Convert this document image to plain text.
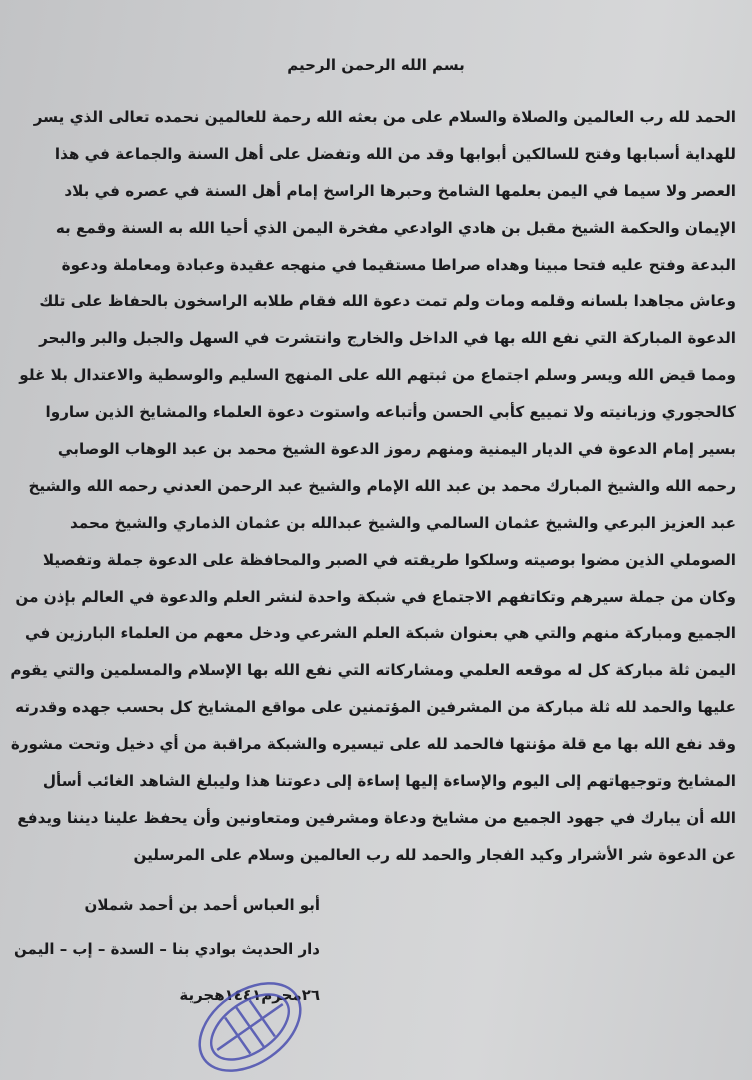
بسم الله الرحمن الرحيم
الحمد لله رب العالمين والصلاة والسلام على من بعثه الله رحمة للعالمين نحمده تعالى الذي يسر
للهداية أسبابها وفتح للسالكين أبوابها وقد من الله وتفضل على أهل السنة والجماعة في هذا
العصر ولا سيما في اليمن بعلمها الشامخ وحبرها الراسخ إمام أهل السنة في عصره في بلاد
الإيمان والحكمة الشيخ مقبل بن هادي الوادعي مفخرة اليمن الذي أحيا الله به السنة وقمع به
البدعة وفتح عليه فتحا مبينا وهداه صراطا مستقيما في منهجه عقيدة وعبادة ومعاملة ودعوة
وعاش مجاهدا بلسانه وقلمه ومات ولم تمت دعوة الله فقام طلابه الراسخون بالحفاظ على تلك
الدعوة المباركة التي نفع الله بها في الداخل والخارج وانتشرت في السهل والجبل والبر والبحر
ومما قيض الله ويسر وسلم اجتماع من ثبتهم الله على المنهج السليم والوسطية والاعتدال بلا غلو
كالحجوري وزبانيته ولا تمييع كأبي الحسن وأتباعه واستوت دعوة العلماء والمشايخ الذين ساروا
بسير إمام الدعوة في الديار اليمنية ومنهم رموز الدعوة الشيخ محمد بن عبد الوهاب الوصابي
رحمه الله والشيخ المبارك محمد بن عبد الله الإمام والشيخ عبد الرحمن العدني رحمه الله والشيخ
عبد العزيز البرعي والشيخ عثمان السالمي والشيخ عبدالله بن عثمان الذماري والشيخ محمد
الصوملي الذين مضوا بوصيته وسلكوا طريقته في الصبر والمحافظة على الدعوة جملة وتفصيلا
وكان من جملة سيرهم وتكاتفهم الاجتماع في شبكة واحدة لنشر العلم والدعوة في العالم بإذن من
الجميع ومباركة منهم والتي هي بعنوان شبكة العلم الشرعي ودخل معهم من العلماء البارزين في
اليمن ثلة مباركة كل له موقعه العلمي ومشاركاته التي نفع الله بها الإسلام والمسلمين والتي يقوم
عليها والحمد لله ثلة مباركة من المشرفين المؤتمنين على مواقع المشايخ كل بحسب جهده وقدرته
وقد نفع الله بها مع قلة مؤنتها فالحمد لله على تيسيره والشبكة مراقبة من أي دخيل وتحت مشورة
المشايخ وتوجيهاتهم إلى اليوم والإساءة إليها إساءة إلى دعوتنا هذا وليبلغ الشاهد الغائب أسأل
الله أن يبارك في جهود الجميع من مشايخ ودعاة ومشرفين ومتعاونين وأن يحفظ علينا ديننا ويدفع
عن الدعوة شر الأشرار وكيد الفجار والحمد لله رب العالمين وسلام على المرسلين
أبو العباس أحمد بن أحمد شملان
دار الحديث بوادي بنا – السدة – إب – اليمن
٢٦محرم١٤٤١هجرية
